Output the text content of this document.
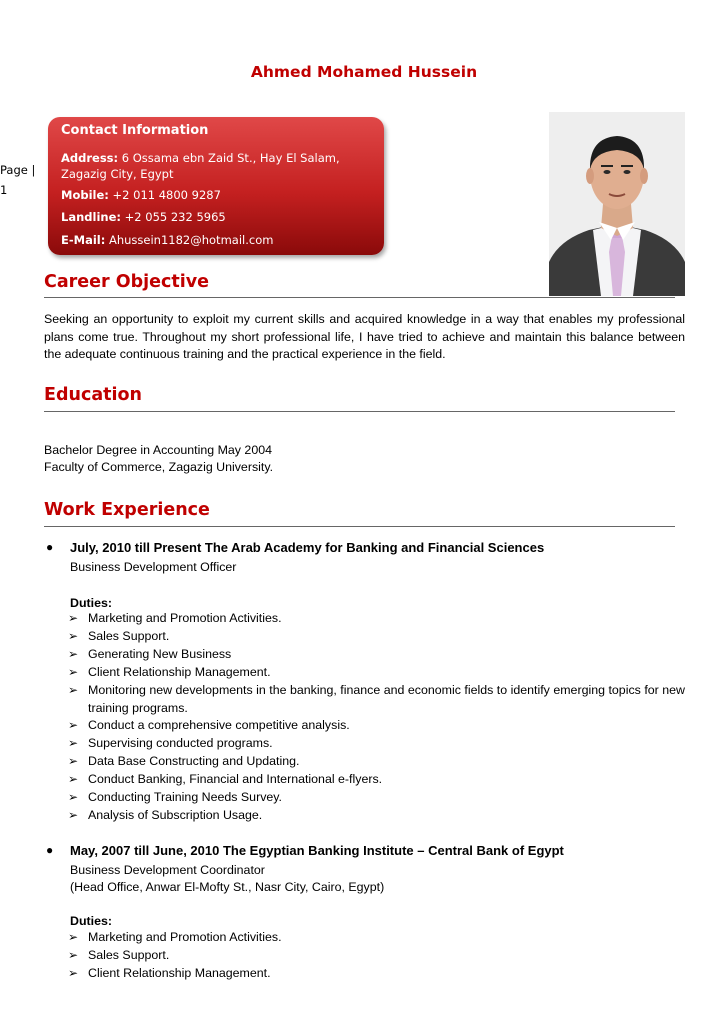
Ahmed Mohamed Hussein
Page |
1
Contact Information
Address: 6 Ossama ebn Zaid St., Hay El Salam,
Zagazig City, Egypt
Mobile: +2 011 4800 9287
Landline: +2 055 232 5965
E-Mail: Ahussein1182@hotmail.com
Career Objective
Seeking an opportunity to exploit my current skills and acquired knowledge in a way that enables my professional plans come true. Throughout my short professional life, I have tried to achieve and maintain this balance between the adequate continuous training and the practical experience in the field.
Education
Bachelor Degree in Accounting May 2004
Faculty of Commerce, Zagazig University.
Work Experience
● July, 2010 till Present The Arab Academy for Banking and Financial Sciences
Business Development Officer
Duties:
➢ Marketing and Promotion Activities.
➢ Sales Support.
➢ Generating New Business
➢ Client Relationship Management.
➢ Monitoring new developments in the banking, finance and economic fields to identify emerging topics for new training programs.
➢ Conduct a comprehensive competitive analysis.
➢ Supervising conducted programs.
➢ Data Base Constructing and Updating.
➢ Conduct Banking, Financial and International e-flyers.
➢ Conducting Training Needs Survey.
➢ Analysis of Subscription Usage.
● May, 2007 till June, 2010 The Egyptian Banking Institute – Central Bank of Egypt
Business Development Coordinator
(Head Office, Anwar El-Mofty St., Nasr City, Cairo, Egypt)
Duties:
➢ Marketing and Promotion Activities.
➢ Sales Support.
➢ Client Relationship Management.
